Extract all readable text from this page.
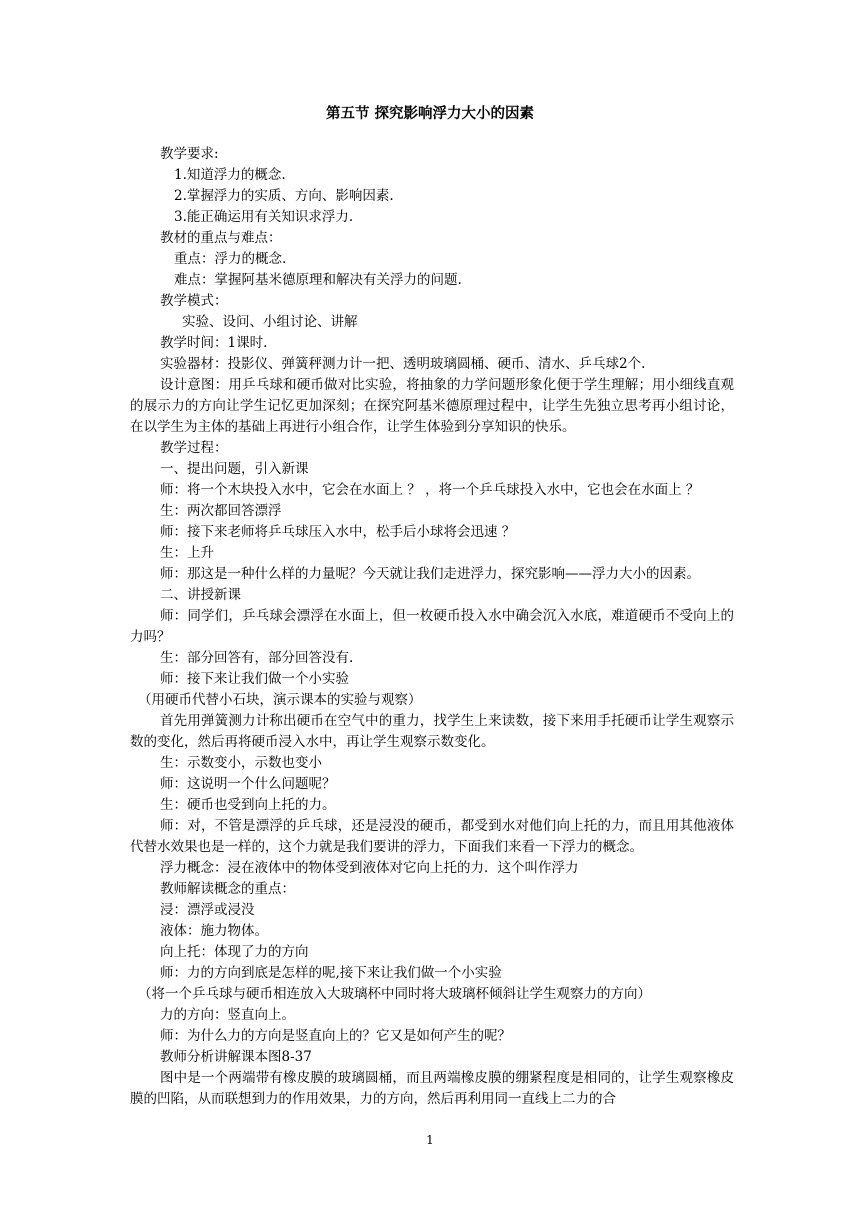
第五节 探究影响浮力大小的因素

教学要求:

1.知道浮力的概念.

2.掌握浮力的实质、方向、影响因素.

3.能正确运用有关知识求浮力.

教材的重点与难点：

重点：浮力的概念.

难点：掌握阿基米德原理和解决有关浮力的问题.

教学模式：

实验、设问、小组讨论、讲解

教学时间：1课时.

实验器材：投影仪、弹簧秤测力计一把、透明玻璃圆桶、硬币、清水、乒乓球2个.

设计意图：用乒乓球和硬币做对比实验，将抽象的力学问题形象化便于学生理解；用小细线直观的展示力的方向让学生记忆更加深刻；在探究阿基米德原理过程中，让学生先独立思考再小组讨论，在以学生为主体的基础上再进行小组合作，让学生体验到分享知识的快乐。

教学过程：

一、提出问题，引入新课

师：将一个木块投入水中，它会在水面上 ？ ，将一个乒乓球投入水中，它也会在水面上 ？

生：两次都回答漂浮

师：接下来老师将乒乓球压入水中，松手后小球将会迅速 ？

生：上升

师：那这是一种什么样的力量呢？今天就让我们走进浮力，探究影响——浮力大小的因素。

二、讲授新课

师：同学们，乒乓球会漂浮在水面上，但一枚硬币投入水中确会沉入水底，难道硬币不受向上的力吗？

生：部分回答有，部分回答没有.

师：接下来让我们做一个小实验

（用硬币代替小石块，演示课本的实验与观察）

首先用弹簧测力计称出硬币在空气中的重力，找学生上来读数，接下来用手托硬币让学生观察示数的变化，然后再将硬币浸入水中，再让学生观察示数变化。

生：示数变小，示数也变小

师：这说明一个什么问题呢？

生：硬币也受到向上托的力。

师：对，不管是漂浮的乒乓球，还是浸没的硬币，都受到水对他们向上托的力，而且用其他液体代替水效果也是一样的，这个力就是我们要讲的浮力，下面我们来看一下浮力的概念。

浮力概念：浸在液体中的物体受到液体对它向上托的力．这个叫作浮力

教师解读概念的重点：

浸：漂浮或浸没

液体：施力物体。

向上托：体现了力的方向

师：力的方向到底是怎样的呢,接下来让我们做一个小实验

（将一个乒乓球与硬币相连放入大玻璃杯中同时将大玻璃杯倾斜让学生观察力的方向）

力的方向：竖直向上。

师：为什么力的方向是竖直向上的？它又是如何产生的呢？

教师分析讲解课本图8-37

图中是一个两端带有橡皮膜的玻璃圆桶，而且两端橡皮膜的绷紧程度是相同的，让学生观察橡皮膜的凹陷，从而联想到力的作用效果，力的方向，然后再利用同一直线上二力的合

1
